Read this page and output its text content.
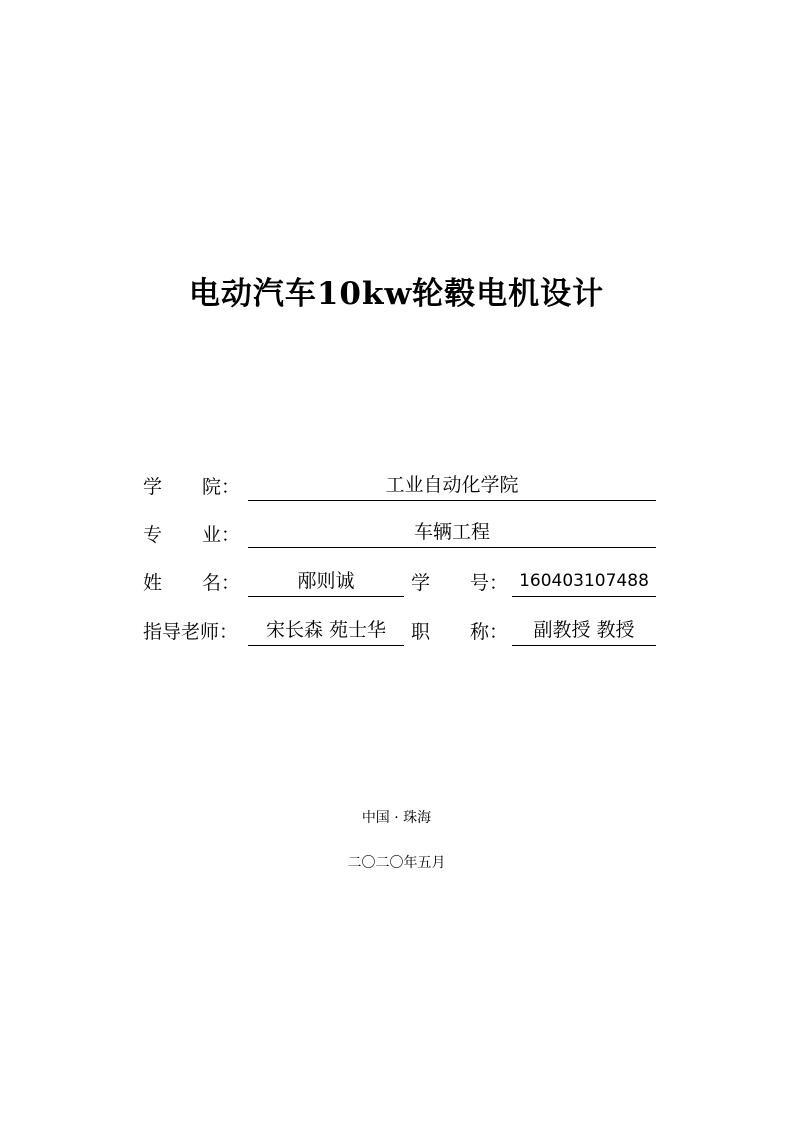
电动汽车10kw轮毂电机设计
学 院：	工业自动化学院
专 业：	车辆工程
姓 名：	邴则诚	学 号： 160403107488
指导老师：	宋长森 苑士华	职 称：	副教授 教授
中国 · 珠海
二〇二〇年五月
